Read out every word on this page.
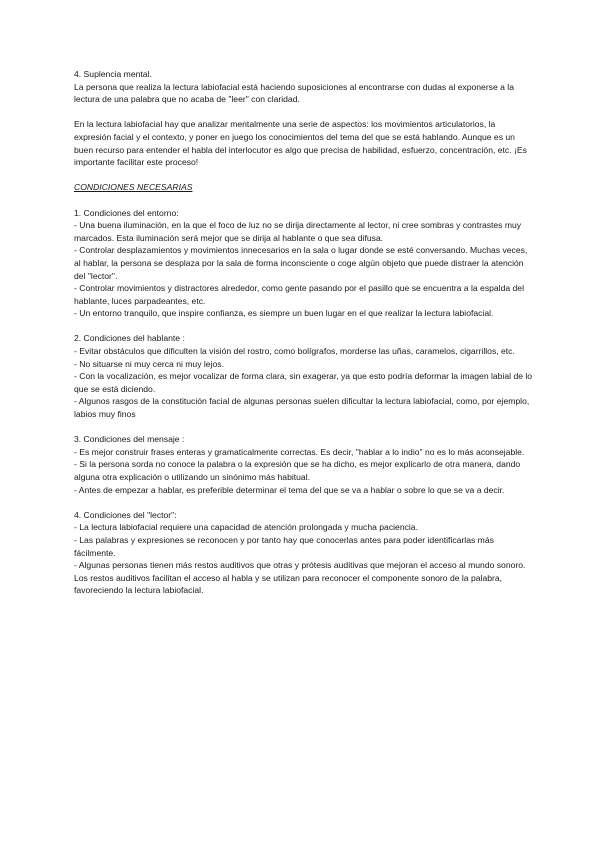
4. Suplencia mental.

La persona que realiza la lectura labiofacial está haciendo suposiciones al encontrarse con dudas al exponerse a la lectura de una palabra que no acaba de "leer" con claridad.

En la lectura labiofacial hay que analizar mentalmente una serie de aspectos: los movimientos articulatorios, la expresión facial y el contexto, y poner en juego los conocimientos del tema del que se está hablando. Aunque es un buen recurso para entender el habla del interlocutor es algo que precisa de habilidad, esfuerzo, concentración, etc. ¡Es importante facilitar este proceso!

CONDICIONES NECESARIAS

1. Condiciones del entorno:

- Una buena iluminación, en la que el foco de luz no se dirija directamente al lector, ni cree sombras y contrastes muy marcados. Esta iluminación será mejor que se dirija al hablante o que sea difusa.

- Controlar desplazamientos y movimientos innecesarios en la sala o lugar donde se esté conversando. Muchas veces, al hablar, la persona se desplaza por la sala de forma inconsciente o coge algún objeto que puede distraer la atención del "lector".

- Controlar movimientos y distractores alrededor, como gente pasando por el pasillo que se encuentra a la espalda del hablante, luces parpadeantes, etc.

- Un entorno tranquilo, que inspire confianza, es siempre un buen lugar en el que realizar la lectura labiofacial.

2. Condiciones del hablante :

- Evitar obstáculos que dificulten la visión del rostro, como bolígrafos, morderse las uñas, caramelos, cigarrillos, etc.

- No situarse ni muy cerca ni muy lejos.

- Con la vocalización, es mejor vocalizar de forma clara, sin exagerar, ya que esto podría deformar la imagen labial de lo que se está diciendo.

- Algunos rasgos de la constitución facial de algunas personas suelen dificultar la lectura labiofacial, como, por ejemplo, labios muy finos

3. Condiciones del mensaje :

- Es mejor construir frases enteras y gramaticalmente correctas. Es decir, "hablar a lo indio" no es lo más aconsejable.

- Si la persona sorda no conoce la palabra o la expresión que se ha dicho, es mejor explicarlo de otra manera, dando alguna otra explicación o utilizando un sinónimo más habitual.

- Antes de empezar a hablar, es preferible determinar el tema del que se va a hablar o sobre lo que se va a decir.

4. Condiciones del "lector":

- La lectura labiofacial requiere una capacidad de atención prolongada y mucha paciencia.

- Las palabras y expresiones se reconocen y por tanto hay que conocerlas antes para poder identificarlas más fácilmente.

- Algunas personas tienen más restos auditivos que otras y prótesis auditivas que mejoran el acceso al mundo sonoro. Los restos auditivos facilitan el acceso al habla y se utilizan para reconocer el componente sonoro de la palabra, favoreciendo la lectura labiofacial.
